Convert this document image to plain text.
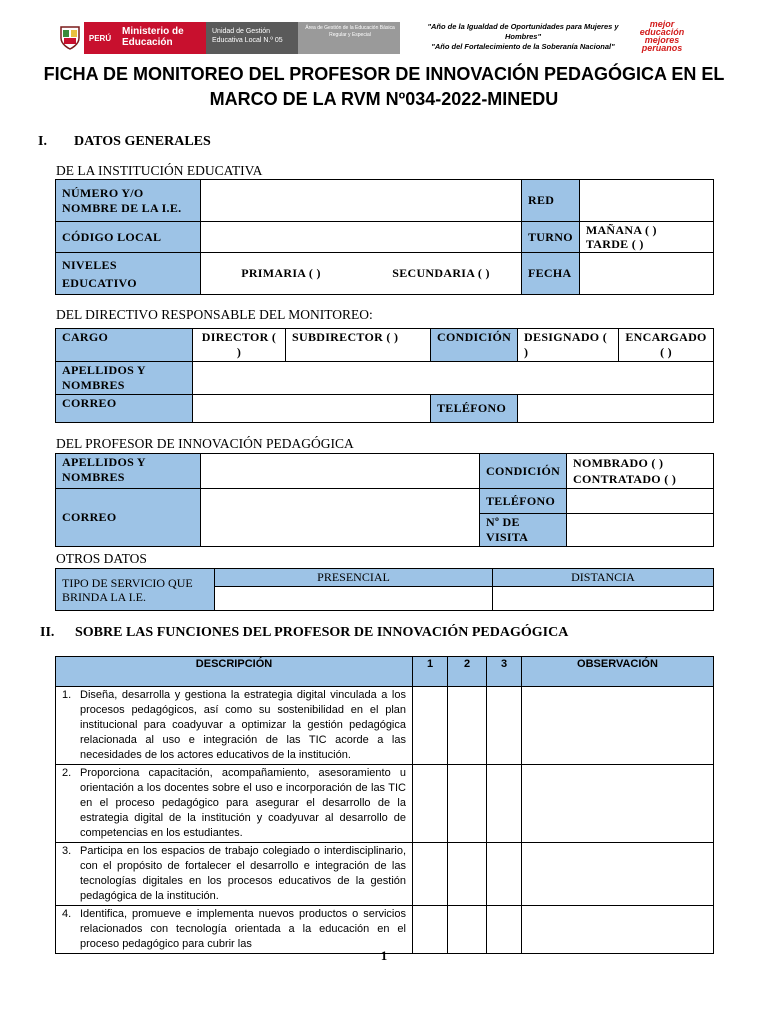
PERÚ
Ministerio de Educación
Unidad de Gestión Educativa Local N.º 05
Área de Gestión de la Educación Básica Regular y Especial
"Año de la Igualdad de Oportunidades para Mujeres y Hombres"
"Año del Fortalecimiento de la Soberanía Nacional"
mejor educación mejores peruanos
FICHA DE MONITOREO DEL PROFESOR DE INNOVACIÓN PEDAGÓGICA EN EL MARCO DE LA RVM Nº034-2022-MINEDU
I. DATOS GENERALES
DE LA INSTITUCIÓN EDUCATIVA
NÚMERO Y/O NOMBRE DE LA I.E.		RED	
CÓDIGO LOCAL		TURNO	MAÑANA ( )
TARDE ( )

NIVELES EDUCATIVO	PRIMARIA ( ) SECUNDARIA ( )	FECHA	
DEL DIRECTIVO RESPONSABLE DEL MONITOREO:
CARGO	DIRECTOR ( )	SUBDIRECTOR ( )	CONDICIÓN	DESIGNADO ( )	ENCARGADO ( )
APELLIDOS Y NOMBRES					
CORREO			TELÉFONO		
DEL PROFESOR DE INNOVACIÓN PEDAGÓGICA
APELLIDOS Y NOMBRES		CONDICIÓN	NOMBRADO ( )
CONTRATADO ( )

CORREO		TELÉFONO	
		Nº DE VISITA	
OTROS DATOS
TIPO DE SERVICIO QUE BRINDA LA I.E.	PRESENCIAL	DISTANCIA

II. SOBRE LAS FUNCIONES DEL PROFESOR DE INNOVACIÓN PEDAGÓGICA
DESCRIPCIÓN	1	2	3	OBSERVACIÓN

1. Diseña, desarrolla y gestiona la estrategia digital vinculada a los procesos pedagógicos, así como su sostenibilidad en el plan institucional para coadyuvar a optimizar la gestión pedagógica relacionada al uso e integración de las TIC acorde a las necesidades de los actores educativos de la institución.				

2. Proporciona capacitación, acompañamiento, asesoramiento u orientación a los docentes sobre el uso e incorporación de las TIC en el proceso pedagógico para asegurar el desarrollo de la estrategia digital de la institución y coadyuvar al desarrollo de competencias en los estudiantes.				

3. Participa en los espacios de trabajo colegiado o interdisciplinario, con el propósito de fortalecer el desarrollo e integración de las tecnologías digitales en los procesos educativos de la gestión pedagógica de la institución.				

4. Identifica, promueve e implementa nuevos productos o servicios relacionados con tecnología orientada a la educación en el proceso pedagógico para cubrir las				

1
